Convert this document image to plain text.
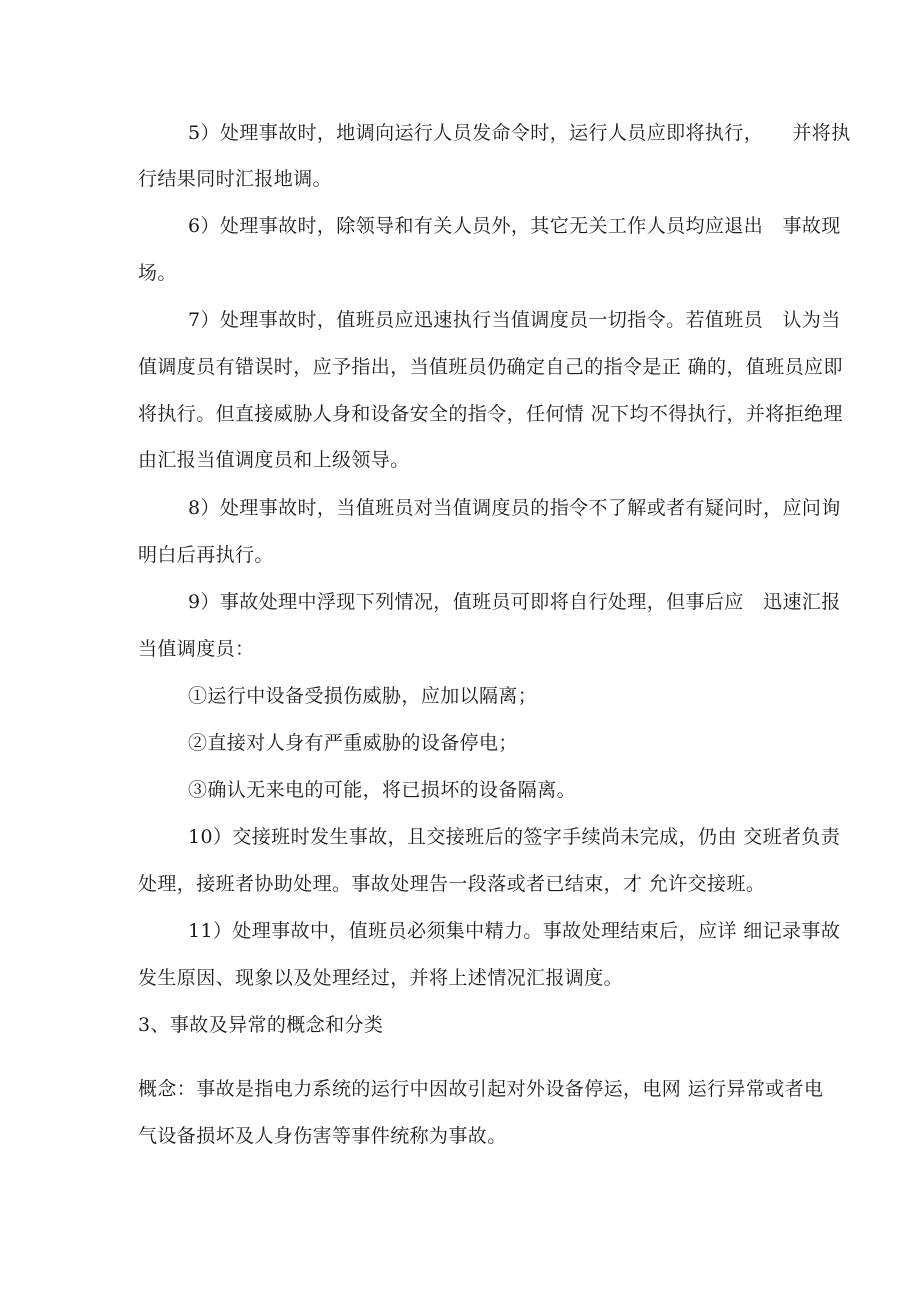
5）处理事故时，地调向运行人员发命令时，运行人员应即将执行，　　并将执
行结果同时汇报地调。
6）处理事故时，除领导和有关人员外，其它无关工作人员均应退出　事故现
场。
7）处理事故时，值班员应迅速执行当值调度员一切指令。若值班员　认为当
值调度员有错误时，应予指出，当值班员仍确定自己的指令是正 确的，值班员应即
将执行。但直接威胁人身和设备安全的指令，任何情 况下均不得执行，并将拒绝理
由汇报当值调度员和上级领导。
8）处理事故时，当值班员对当值调度员的指令不了解或者有疑问时，应问询
明白后再执行。
9）事故处理中浮现下列情况，值班员可即将自行处理，但事后应　迅速汇报
当值调度员：
①运行中设备受损伤威胁，应加以隔离；
②直接对人身有严重威胁的设备停电；
③确认无来电的可能，将已损坏的设备隔离。
10）交接班时发生事故，且交接班后的签字手续尚未完成，仍由 交班者负责
处理，接班者协助处理。事故处理告一段落或者已结束，才 允许交接班。
11）处理事故中，值班员必须集中精力。事故处理结束后，应详 细记录事故
发生原因、现象以及处理经过，并将上述情况汇报调度。
3、事故及异常的概念和分类
概念：事故是指电力系统的运行中因故引起对外设备停运，电网 运行异常或者电
气设备损坏及人身伤害等事件统称为事故。
